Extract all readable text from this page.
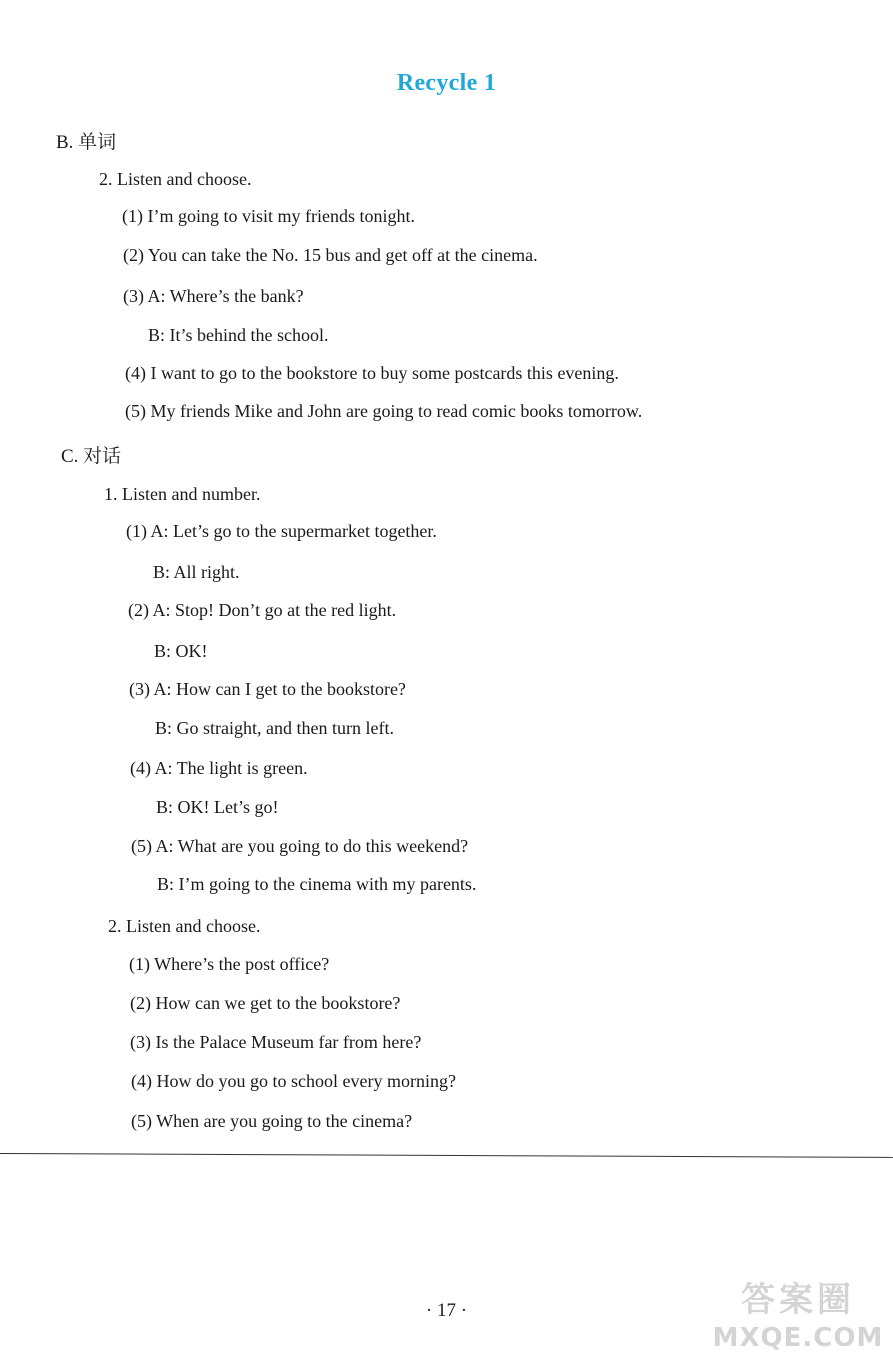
Recycle 1
B. 单词
2. Listen and choose.
(1) I’m going to visit my friends tonight.
(2) You can take the No. 15 bus and get off at the cinema.
(3) A: Where’s the bank?
B: It’s behind the school.
(4) I want to go to the bookstore to buy some postcards this evening.
(5) My friends Mike and John are going to read comic books tomorrow.
C. 对话
1. Listen and number.
(1) A: Let’s go to the supermarket together.
B: All right.
(2) A: Stop! Don’t go at the red light.
B: OK!
(3) A: How can I get to the bookstore?
B: Go straight, and then turn left.
(4) A: The light is green.
B: OK! Let’s go!
(5) A: What are you going to do this weekend?
B: I’m going to the cinema with my parents.
2. Listen and choose.
(1) Where’s the post office?
(2) How can we get to the bookstore?
(3) Is the Palace Museum far from here?
(4) How do you go to school every morning?
(5) When are you going to the cinema?
· 17 ·	答案圈
MXQE.COM
